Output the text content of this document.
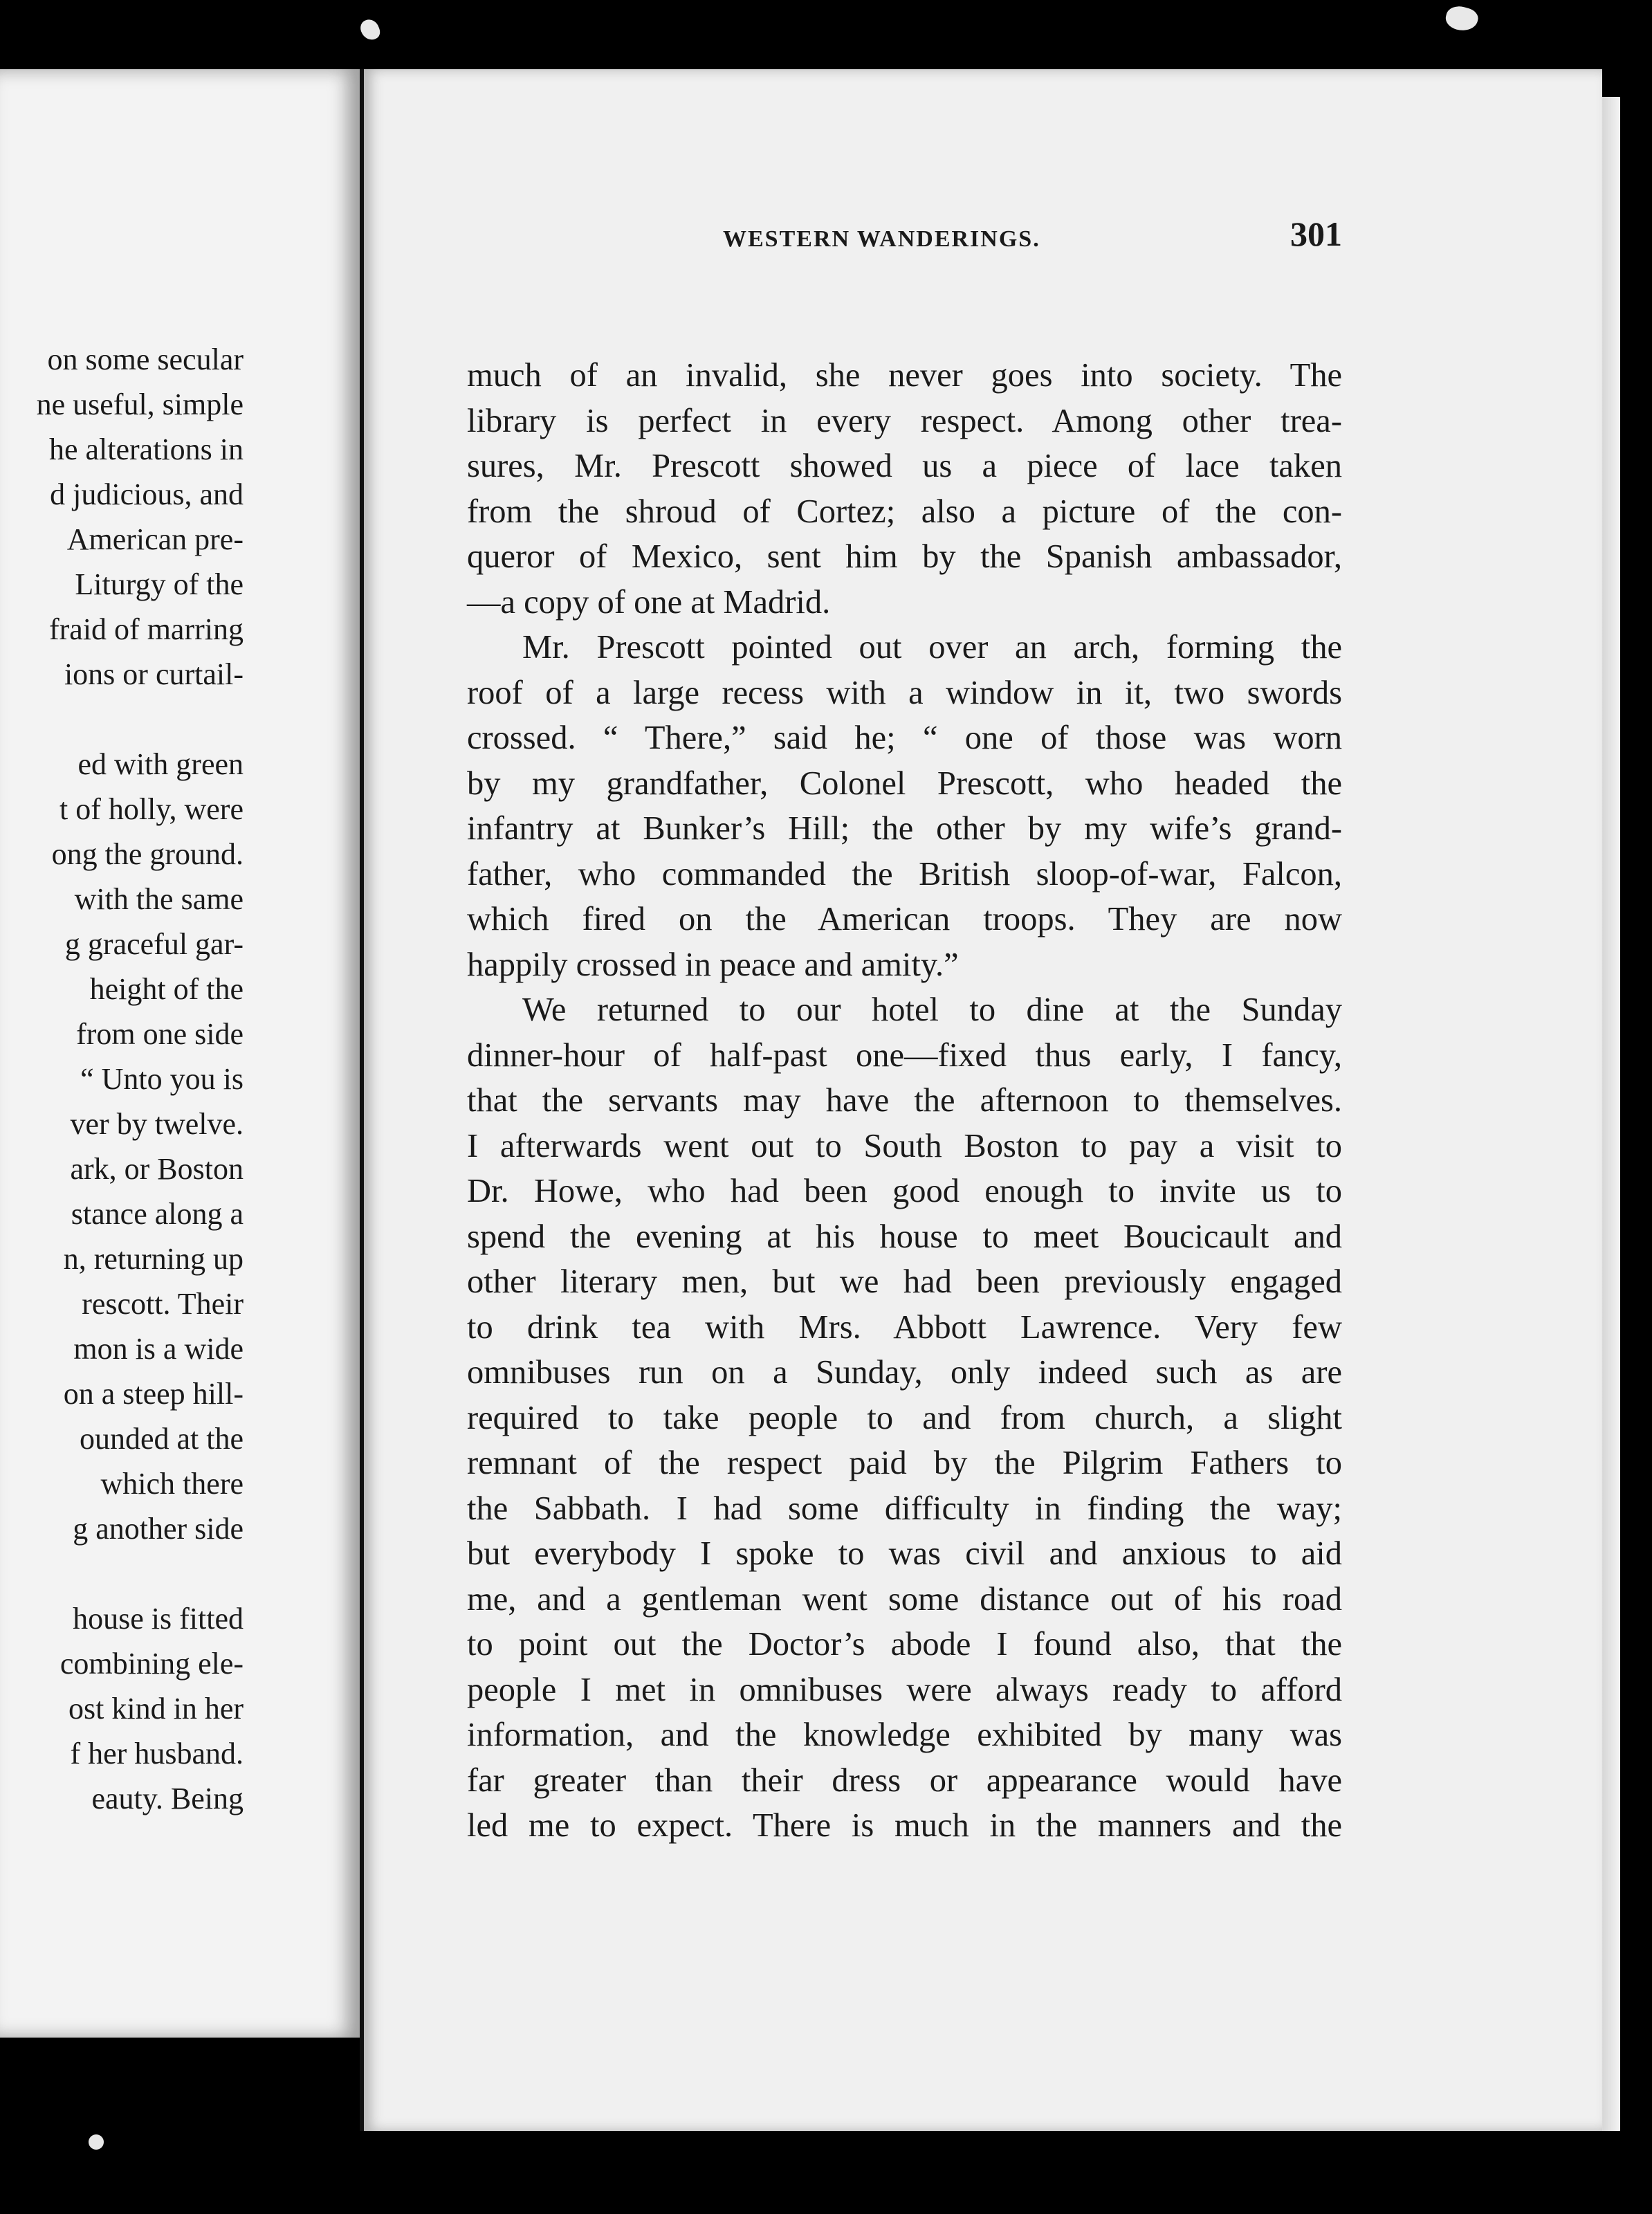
on some secular
ne useful, simple
he alterations in
d judicious, and
American pre-
Liturgy of the
fraid of marring
ions or curtail-
ed with green
t of holly, were
ong the ground.
with the same
g graceful gar-
height of the
from one side
“ Unto you is
ver by twelve.
ark, or Boston
stance along a
n, returning up
rescott. Their
mon is a wide
on a steep hill-
ounded at the
which there
g another side
house is fitted
combining ele-
ost kind in her
f her husband.
eauty. Being
WESTERN WANDERINGS.	301
much of an invalid, she never goes into society. The
library is perfect in every respect. Among other trea-
sures, Mr. Prescott showed us a piece of lace taken
from the shroud of Cortez; also a picture of the con-
queror of Mexico, sent him by the Spanish ambassador,
—a copy of one at Madrid.
Mr. Prescott pointed out over an arch, forming the
roof of a large recess with a window in it, two swords
crossed. “ There,” said he; “ one of those was worn
by my grandfather, Colonel Prescott, who headed the
infantry at Bunker’s Hill; the other by my wife’s grand-
father, who commanded the British sloop-of-war, Falcon,
which fired on the American troops. They are now
happily crossed in peace and amity.”
We returned to our hotel to dine at the Sunday
dinner-hour of half-past one—fixed thus early, I fancy,
that the servants may have the afternoon to themselves.
I afterwards went out to South Boston to pay a visit to
Dr. Howe, who had been good enough to invite us to
spend the evening at his house to meet Boucicault and
other literary men, but we had been previously engaged
to drink tea with Mrs. Abbott Lawrence. Very few
omnibuses run on a Sunday, only indeed such as are
required to take people to and from church, a slight
remnant of the respect paid by the Pilgrim Fathers to
the Sabbath. I had some difficulty in finding the way;
but everybody I spoke to was civil and anxious to aid
me, and a gentleman went some distance out of his road
to point out the Doctor’s abode I found also, that the
people I met in omnibuses were always ready to afford
information, and the knowledge exhibited by many was
far greater than their dress or appearance would have
led me to expect. There is much in the manners and the
